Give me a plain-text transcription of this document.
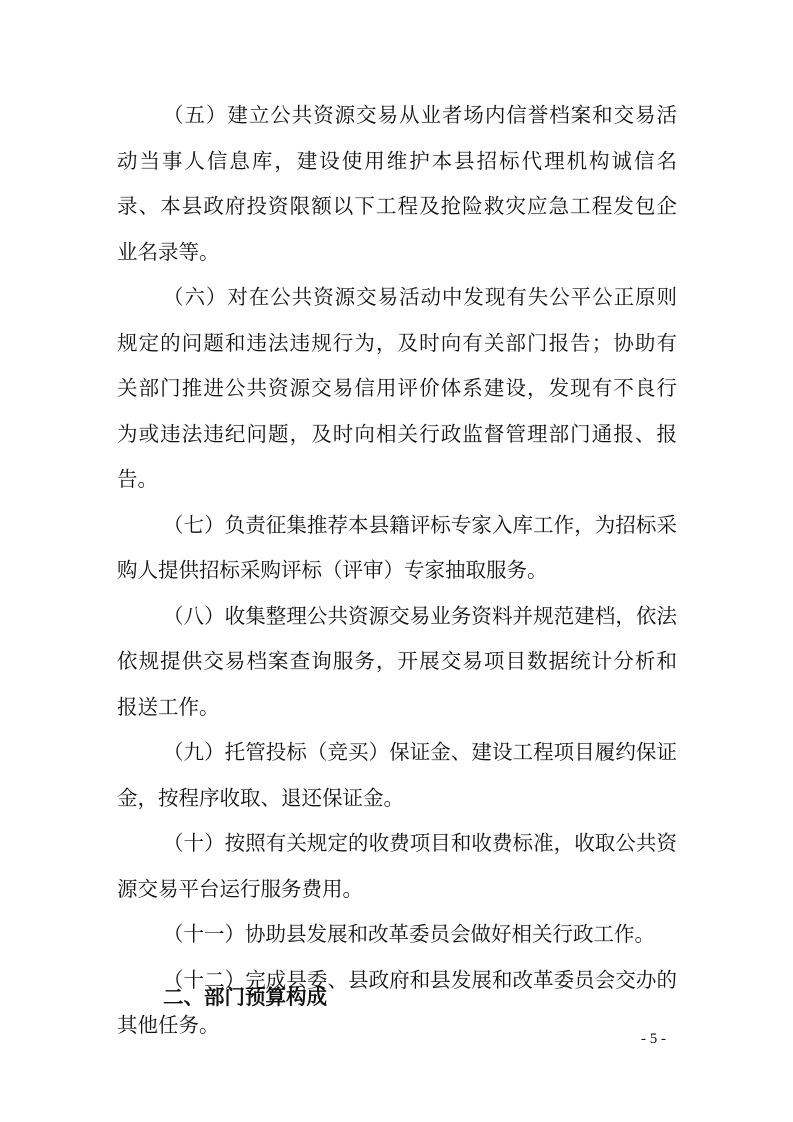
（五）建立公共资源交易从业者场内信誉档案和交易活
动当事人信息库，建设使用维护本县招标代理机构诚信名
录、本县政府投资限额以下工程及抢险救灾应急工程发包企
业名录等。
（六）对在公共资源交易活动中发现有失公平公正原则
规定的问题和违法违规行为，及时向有关部门报告；协助有
关部门推进公共资源交易信用评价体系建设，发现有不良行
为或违法违纪问题，及时向相关行政监督管理部门通报、报
告。
（七）负责征集推荐本县籍评标专家入库工作，为招标采
购人提供招标采购评标（评审）专家抽取服务。
（八）收集整理公共资源交易业务资料并规范建档，依法
依规提供交易档案查询服务，开展交易项目数据统计分析和
报送工作。
（九）托管投标（竞买）保证金、建设工程项目履约保证
金，按程序收取、退还保证金。
（十）按照有关规定的收费项目和收费标准，收取公共资
源交易平台运行服务费用。
（十一）协助县发展和改革委员会做好相关行政工作。
（十二）完成县委、县政府和县发展和改革委员会交办的
其他任务。
二、部门预算构成
- 5 -
